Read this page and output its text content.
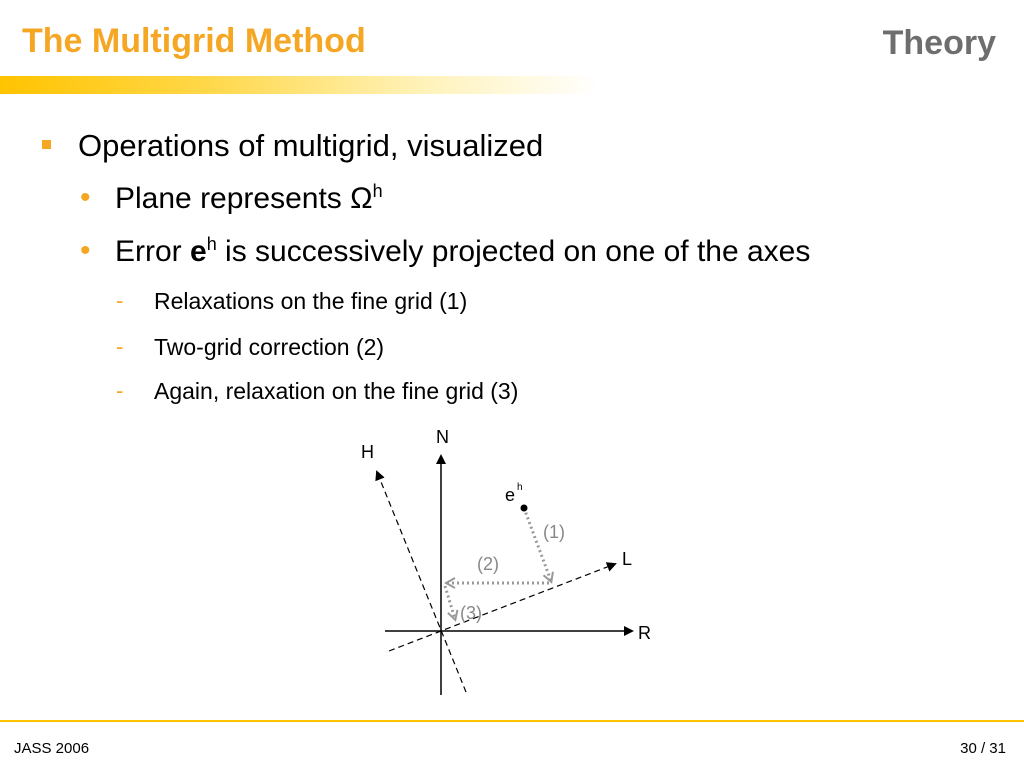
The Multigrid Method	Theory
Operations of multigrid, visualized
• Plane represents $\Omega^h$
• Error $e^h$ is successively projected on one of the axes
- Relaxations on the fine grid (1)
- Two-grid correction (2)
- Again, relaxation on the fine grid (3)
N
H
L
R
e h
(1)
(2)
(3)
JASS 2006	30 / 31
